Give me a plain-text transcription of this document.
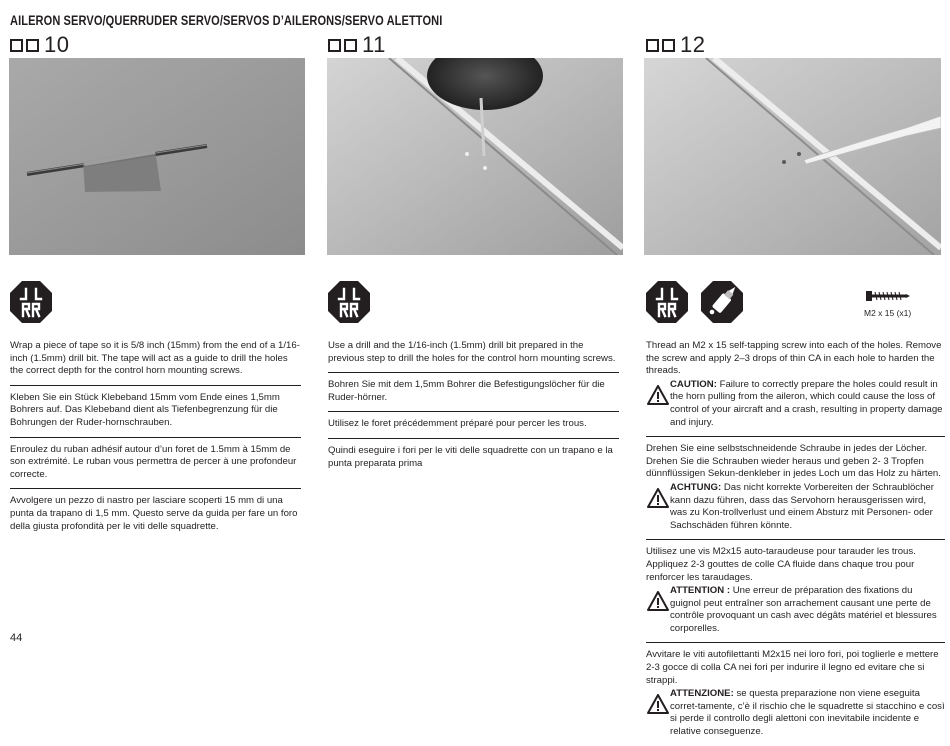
AILERON SERVO/QUERRUDER SERVO/SERVOS D’AILERONS/SERVO ALETTONI
10	11	12
M2 x 15 (x1)

Wrap a piece of tape so it is 5/8 inch (15mm) from the end of a 1/16-inch (1.5mm) drill bit. The tape will act as a guide to drill the holes the correct depth for the control horn mounting screws.

Kleben Sie ein Stück Klebeband 15mm vom Ende eines 1,5mm Bohrers auf. Das Klebeband dient als Tiefenbegrenzung für die Bohrungen der Ruder-hornschrauben.

Enroulez du ruban adhésif autour d’un foret de 1.5mm à 15mm de son extrémité. Le ruban vous permettra de percer à une profondeur correcte.

Avvolgere un pezzo di nastro per lasciare scoperti 15 mm di una punta da trapano di 1,5 mm. Questo serve da guida per fare un foro della giusta profondità per le viti delle squadrette.

Use a drill and the 1/16-inch (1.5mm) drill bit prepared in the previous step to drill the holes for the control horn mounting screws.

Bohren Sie mit dem 1,5mm Bohrer die Befestigungslöcher für die Ruder-hörner.

Utilisez le foret précédemment préparé pour percer les trous.

Quindi eseguire i fori per le viti delle squadrette con un trapano e la punta preparata prima

Thread an M2 x 15 self-tapping screw into each of the holes. Remove the screw and apply 2–3 drops of thin CA in each hole to harden the threads.

CAUTION: Failure to correctly prepare the holes could result in the horn pulling from the aileron, which could cause the loss of control of your aircraft and a crash, resulting in property damage and injury.

Drehen Sie eine selbstschneidende Schraube in jedes der Löcher. Drehen Sie die Schrauben wieder heraus und geben 2- 3 Tropfen dünnflüssigen Sekun-denkleber in jedes Loch um das Holz zu härten.

ACHTUNG: Das nicht korrekte Vorbereiten der Schraublöcher kann dazu führen, dass das Servohorn herausgerissen wird, was zu Kon-trollverlust und einem Absturz mit Personen- oder Sachschäden führen könnte.

Utilisez une vis M2x15 auto-taraudeuse pour tarauder les trous. Appliquez 2-3 gouttes de colle CA fluide dans chaque trou pour renforcer les taraudages.

ATTENTION : Une erreur de préparation des fixations du guignol peut entraîner son arrachement causant une perte de contrôle provoquant un cash avec dégâts matériel et blessures corporelles.

Avvitare le viti autofilettanti M2x15 nei loro fori, poi toglierle e mettere 2-3 gocce di colla CA nei fori per indurire il legno ed evitare che si strappi.

ATTENZIONE: se questa preparazione non viene eseguita corret-tamente, c’è il rischio che le squadrette si stacchino e così si perde il controllo degli alettoni con inevitabile incidente e relative conseguenze.

44
